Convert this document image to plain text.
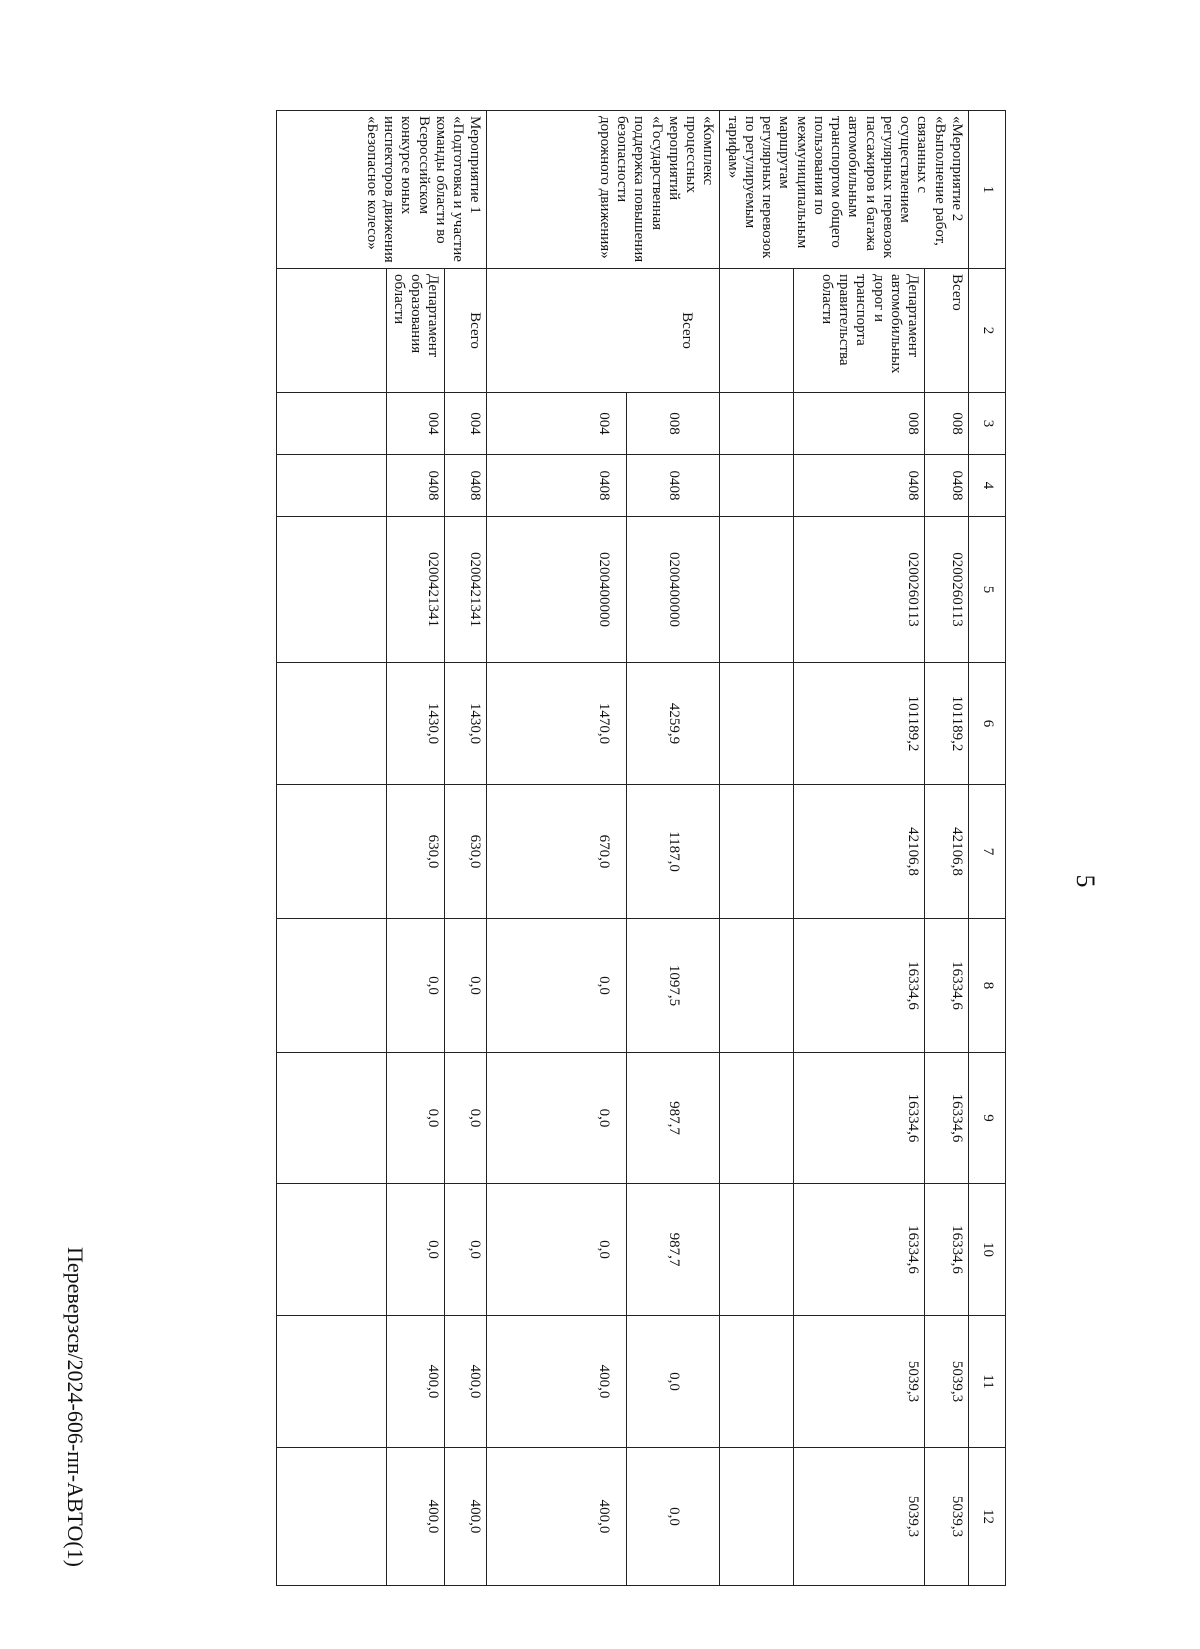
5
Перевepзсв/2024-606-пп-АВТО(1)
1	2	3	4	5	6	7	8	9	10	11	12
«Мероприятие 2 «Выполнение работ, связанных с осуществлением регулярных перевозок пассажиров и багажа автомобильным транспортом общего пользования по межмуниципальным маршрутам регулярных перевозок по регулируемым тарифам»	Всего	008	0408	0200260113	101189,2	42106,8	16334,6	16334,6	16334,6	5039,3	5039,3
	Департамент автомобильных дорог и транспорта правительства области	008	0408	0200260113	101189,2	42106,8	16334,6	16334,6	16334,6	5039,3	5039,3

«Комплекс процессных мероприятий «Государственная поддержка повышения безопасности дорожного движения»	Всего	008	0408	0200400000	4259,9	1187,0	1097,5	987,7	987,7	0,0	0,0
		004	0408	0200400000	1470,0	670,0	0,0	0,0	0,0	400,0	400,0
Мероприятие 1 «Подготовка и участие команды области во Всероссийском конкурсе юных инспекторов движения «Безопасное колесо»	Всего	004	0408	0200421341	1430,0	630,0	0,0	0,0	0,0	400,0	400,0
	Департамент образования области	004	0408	0200421341	1430,0	630,0	0,0	0,0	0,0	400,0	400,0
